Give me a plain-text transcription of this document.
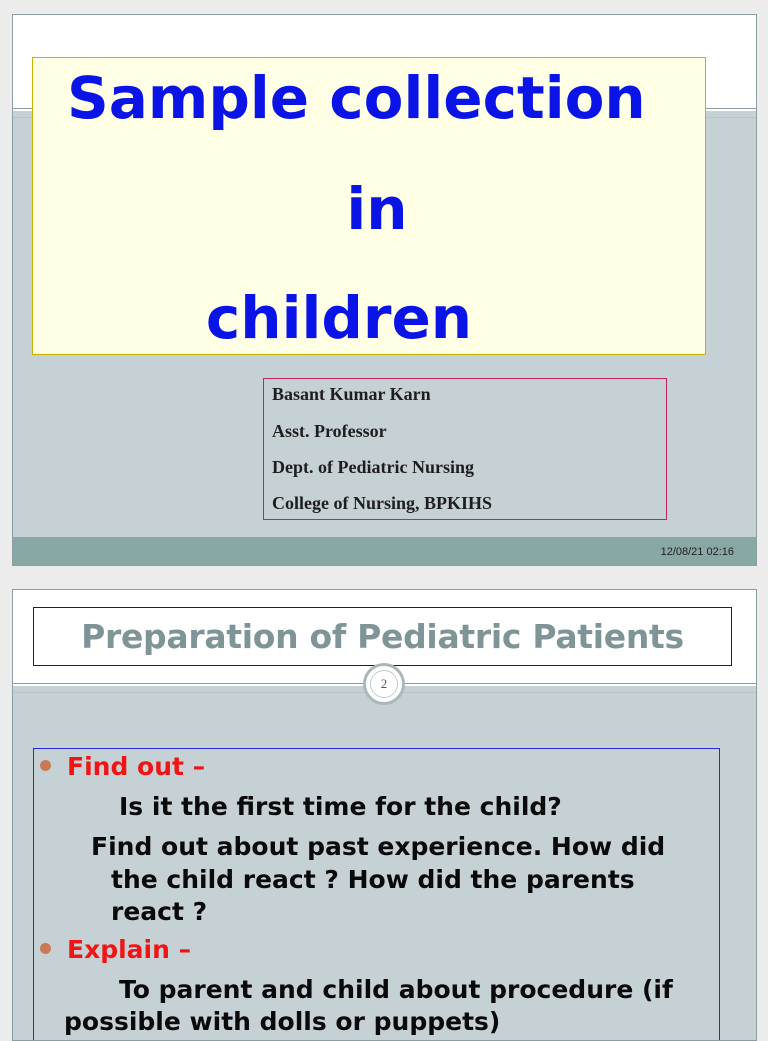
Sample collection
in
children

Basant Kumar Karn

Asst. Professor

Dept. of Pediatric Nursing

College of Nursing, BPKIHS

12/08/21 02:16
Preparation of Pediatric Patients
2
Find out –
Is it the first time for the child?
Find out about past experience. How did
the child react ? How did the parents
react ?
Explain –
To parent and child about procedure (if
possible with dolls or puppets)
